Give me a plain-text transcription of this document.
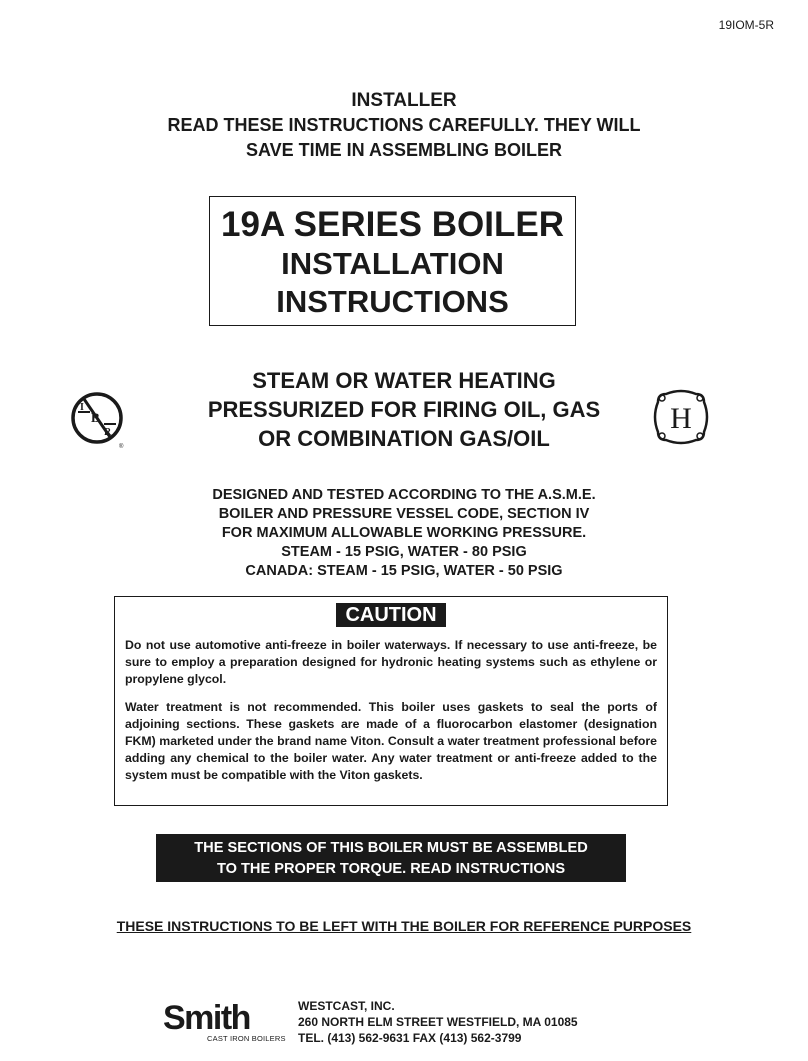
19IOM-5R
INSTALLER
READ THESE INSTRUCTIONS CAREFULLY. THEY WILL
SAVE TIME IN ASSEMBLING BOILER
19A SERIES BOILER
INSTALLATION
INSTRUCTIONS
STEAM OR WATER HEATING
PRESSURIZED FOR FIRING OIL, GAS
OR COMBINATION GAS/OIL
I
B
R
®
H
DESIGNED AND TESTED ACCORDING TO THE A.S.M.E.
BOILER AND PRESSURE VESSEL CODE, SECTION IV
FOR MAXIMUM ALLOWABLE WORKING PRESSURE.
STEAM - 15 PSIG, WATER - 80 PSIG
CANADA: STEAM - 15 PSIG, WATER - 50 PSIG
CAUTION

Do not use automotive anti-freeze in boiler waterways. If necessary to use anti-freeze, be sure to employ a preparation designed for hydronic heating systems such as ethylene or propylene glycol.

Water treatment is not recommended. This boiler uses gaskets to seal the ports of adjoining sections. These gaskets are made of a fluorocarbon elastomer (designation FKM) marketed under the brand name Viton. Consult a water treatment professional before adding any chemical to the boiler water. Any water treatment or anti-freeze added to the system must be compatible with the Viton gaskets.

THE SECTIONS OF THIS BOILER MUST BE ASSEMBLED
TO THE PROPER TORQUE. READ INSTRUCTIONS
THESE INSTRUCTIONS TO BE LEFT WITH THE BOILER FOR REFERENCE PURPOSES
Smith
CAST IRON BOILERS
WESTCAST, INC.
260 NORTH ELM STREET WESTFIELD, MA 01085
TEL. (413) 562-9631 FAX (413) 562-3799
